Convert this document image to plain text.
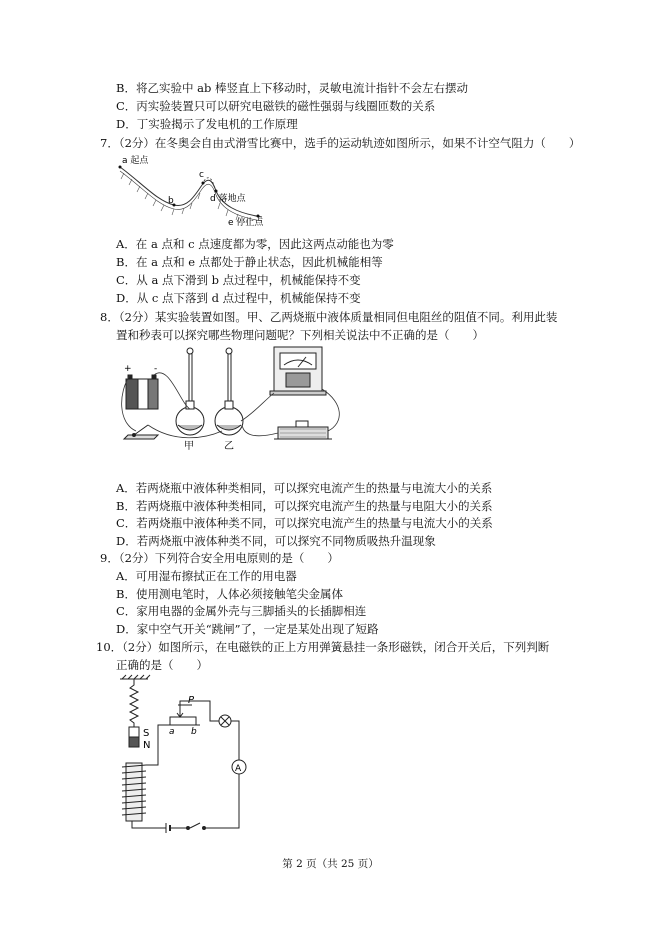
B．将乙实验中 ab 棒竖直上下移动时，灵敏电流计指针不会左右摆动
C．丙实验装置只可以研究电磁铁的磁性强弱与线圈匝数的关系
D．丁实验揭示了发电机的工作原理
7．（2分）在冬奥会自由式滑雪比赛中，选手的运动轨迹如图所示，如果不计空气阻力（　　）
a 起点
b
c
d 落地点
e 停止点
A．在 a 点和 c 点速度都为零，因此这两点动能也为零
B．在 a 点和 e 点都处于静止状态，因此机械能相等
C．从 a 点下滑到 b 点过程中，机械能保持不变
D．从 c 点下落到 d 点过程中，机械能保持不变
8．（2分）某实验装置如图。甲、乙两烧瓶中液体质量相同但电阻丝的阻值不同。利用此装
置和秒表可以探究哪些物理问题呢？下列相关说法中不正确的是（　　）
+ -
甲	乙
A．若两烧瓶中液体种类相同，可以探究电流产生的热量与电流大小的关系
B．若两烧瓶中液体种类相同，可以探究电流产生的热量与电阻大小的关系
C．若两烧瓶中液体种类不同，可以探究电流产生的热量与电流大小的关系
D．若两烧瓶中液体种类不同，可以探究不同物质吸热升温现象
9．（2分）下列符合安全用电原则的是（　　）
A．可用湿布擦拭正在工作的用电器
B．使用测电笔时，人体必须接触笔尖金属体
C．家用电器的金属外壳与三脚插头的长插脚相连
D．家中空气开关“跳闸”了，一定是某处出现了短路
10．（2分）如图所示，在电磁铁的正上方用弹簧悬挂一条形磁铁，闭合开关后，下列判断
正确的是（　　）
S
N
P
a b
A
第 2 页（共 25 页）
